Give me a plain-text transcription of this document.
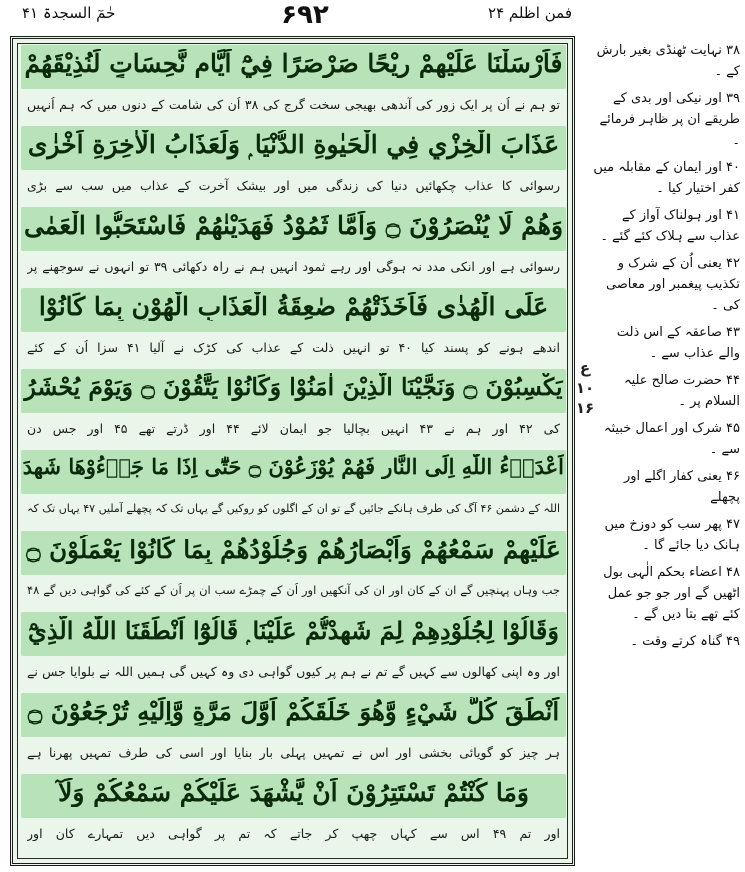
حٰمٓ السجدۃ ۴۱	۶۹۲	فمن اظلم ۲۴
فَاَرْسَلْنَا عَلَيْهِمْ رِيْحًا صَرْصَرًا فِيْٓ اَيَّامٍ نَّحِسَاتٍ لِّنُذِيْقَهُمْ
تو ہم نے اُن پر ایک زور کی آندھی بھیجی سخت گرج کی ۳۸ اُن کی شامت کے دنوں میں کہ ہم اُنہیں
عَذَابَ الْخِزْيِ فِي الْحَيٰوةِ الدُّنْيَا ۭ وَلَعَذَابُ الْاٰخِرَةِ اَخْزٰى
رسوائی کا عذاب چکھائیں دنیا کی زندگی میں اور بیشک آخرت کے عذاب میں سب سے بڑی
وَهُمْ لَا يُنْصَرُوْنَ ۝ وَاَمَّا ثَمُوْدُ فَهَدَيْنٰهُمْ فَاسْتَحَبُّوا الْعَمٰى
رسوائی ہے اور انکی مدد نہ ہوگی اور رہے ثمود انہیں ہم نے راہ دکھائی ۳۹ تو انہوں نے سوجھنے پر
عَلَى الْهُدٰى فَاَخَذَتْهُمْ صٰعِقَةُ الْعَذَابِ الْهُوْنِ بِمَا كَانُوْا
اندھے ہونے کو پسند کیا ۴۰ تو انہیں ذلت کے عذاب کی کڑک نے آلیا ۴۱ سزا اُن کے کئے
يَكْسِبُوْنَ ۝ وَنَجَّيْنَا الَّذِيْنَ اٰمَنُوْا وَكَانُوْا يَتَّقُوْنَ ۝ وَيَوْمَ يُحْشَرُ
کی ۴۲ اور ہم نے ۴۳ انہیں بچالیا جو ایمان لائے ۴۴ اور ڈرتے تھے ۴۵ اور جس دن
اَعْدَاۗءُ اللّٰهِ اِلَى النَّارِ فَهُمْ يُوْزَعُوْنَ ۝ حَتّٰٓى اِذَا مَا جَاۗءُوْهَا شَهِدَ
اللہ کے دشمن ۴۶ آگ کی طرف ہانکے جائیں گے تو ان کے اگلوں کو روکیں گے یہاں تک کہ پچھلے آملیں ۴۷ یہاں تک کہ
عَلَيْهِمْ سَمْعُهُمْ وَاَبْصَارُهُمْ وَجُلُوْدُهُمْ بِمَا كَانُوْا يَعْمَلُوْنَ ۝
جب وہاں پہنچیں گے ان کے کان اور ان کی آنکھیں اور اُن کے چمڑے سب ان پر اُن کے کئے کی گواہی دیں گے ۴۸
وَقَالُوْا لِجُلُوْدِهِمْ لِمَ شَهِدْتُّمْ عَلَيْنَا ۭ قَالُوْٓا اَنْطَقَنَا اللّٰهُ الَّذِيْٓ
اور وہ اپنی کھالوں سے کہیں گے تم نے ہم پر کیوں گواہی دی وہ کہیں گی ہمیں اللہ نے بلوایا جس نے
اَنْطَقَ كُلَّ شَيْءٍ وَّهُوَ خَلَقَكُمْ اَوَّلَ مَرَّةٍ وَّاِلَيْهِ تُرْجَعُوْنَ ۝
ہر چیز کو گویائی بخشی اور اس نے تمہیں پہلی بار بنایا اور اسی کی طرف تمہیں پھرنا ہے
وَمَا كُنْتُمْ تَسْتَتِرُوْنَ اَنْ يَّشْهَدَ عَلَيْكُمْ سَمْعُكُمْ وَلَآ
اور تم ۴۹ اس سے کہاں چھپ کر جاتے کہ تم پر گواہی دیں تمہارے کان اور
ع
۱۰
۱۶
۳۸ نہایت ٹھنڈی بغیر بارش کے ۔
۳۹ اور نیکی اور بدی کے طریقے ان پر ظاہر فرمائے ۔
۴۰ اور ایمان کے مقابلہ میں کفر اختیار کیا ۔
۴۱ اور ہولناک آواز کے عذاب سے ہلاک کئے گئے ۔
۴۲ یعنی اُن کے شرک و تکذیب پیغمبر اور معاصی کی ۔
۴۳ صاعقہ کے اس ذلت والے عذاب سے ۔
۴۴ حضرت صالح علیہ السلام پر ۔
۴۵ شرک اور اعمال خبیثہ سے ۔
۴۶ یعنی کفار اگلے اور پچھلے
۴۷ پھر سب کو دوزخ میں ہانک دیا جائے گا ۔
۴۸ اعضاء بحکم الٰہی بول اٹھیں گے اور جو جو عمل کئے تھے بتا دیں گے ۔
۴۹ گناہ کرتے وقت ۔
